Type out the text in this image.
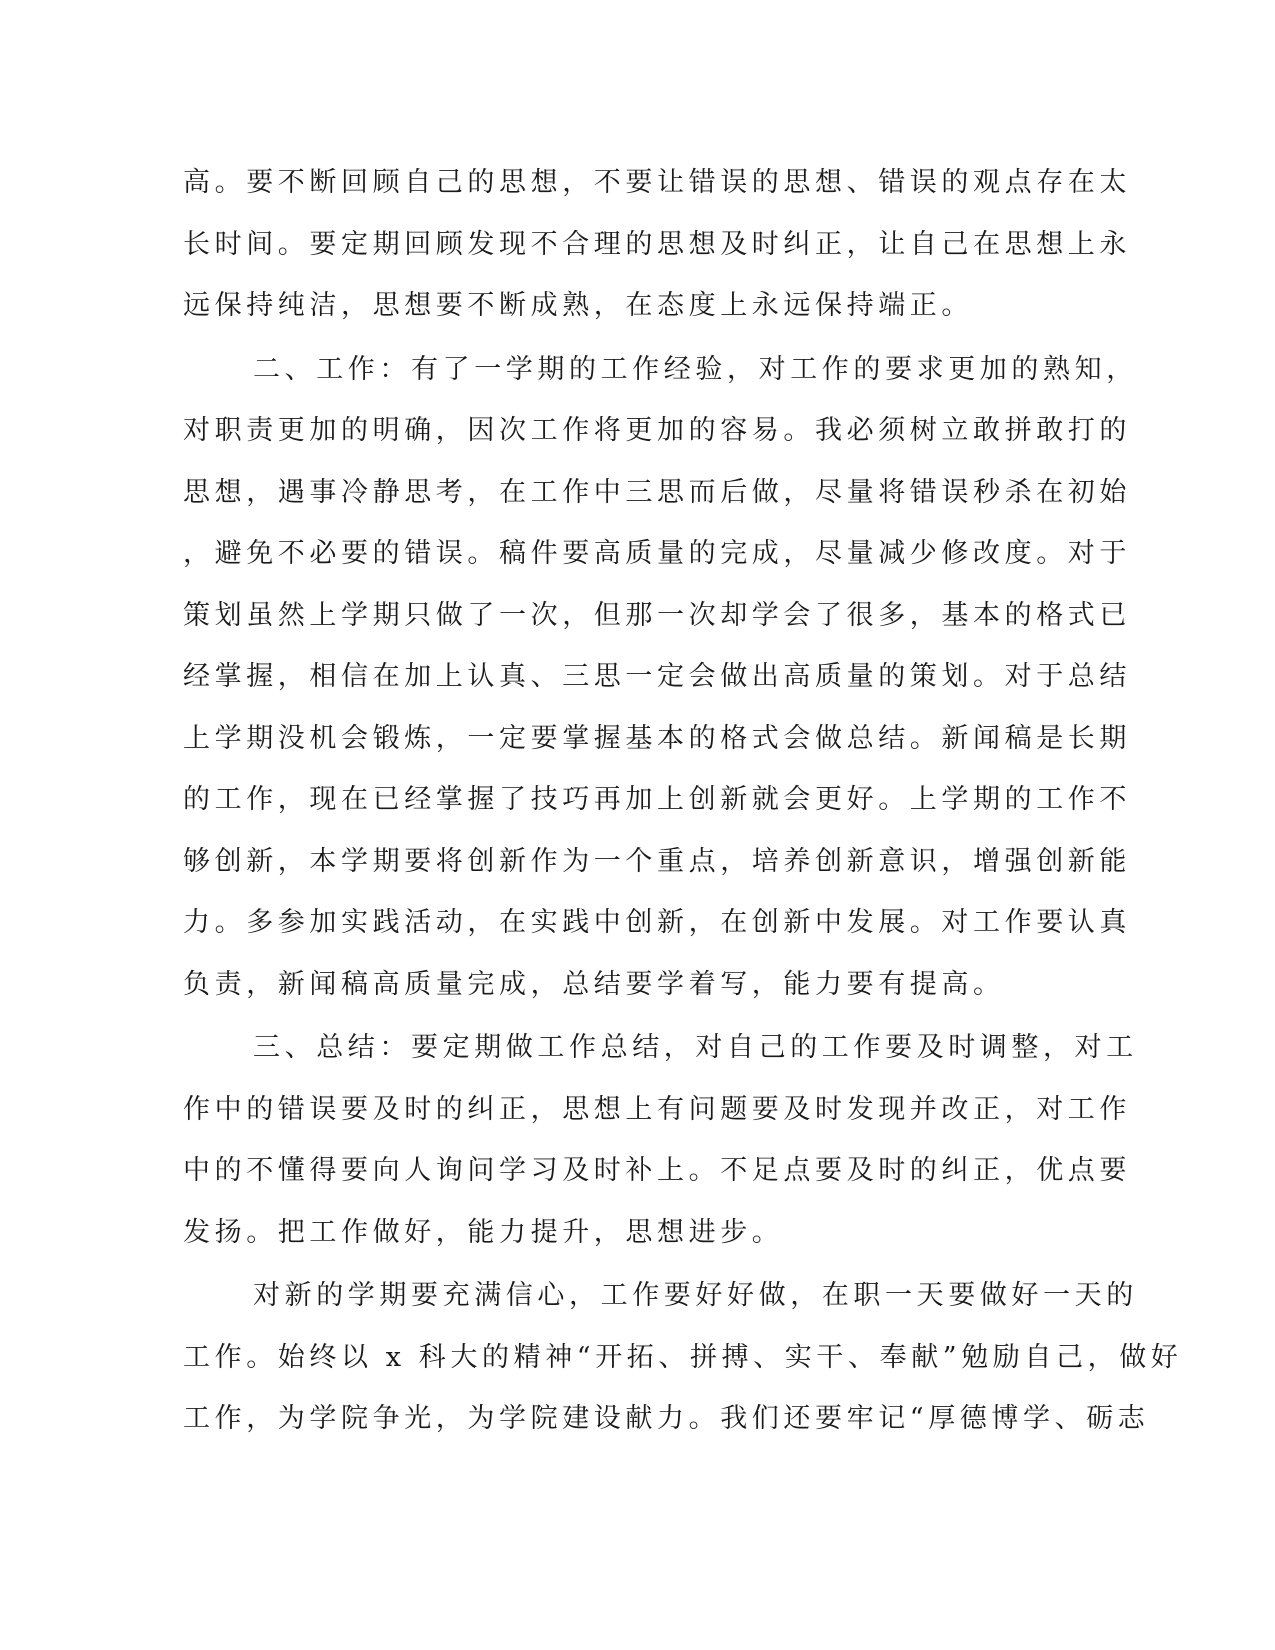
高。要不断回顾自己的思想，不要让错误的思想、错误的观点存在太
长时间。要定期回顾发现不合理的思想及时纠正，让自己在思想上永
远保持纯洁，思想要不断成熟，在态度上永远保持端正。
二、工作：有了一学期的工作经验，对工作的要求更加的熟知，
对职责更加的明确，因次工作将更加的容易。我必须树立敢拼敢打的
思想，遇事冷静思考，在工作中三思而后做，尽量将错误秒杀在初始
，避免不必要的错误。稿件要高质量的完成，尽量减少修改度。对于
策划虽然上学期只做了一次，但那一次却学会了很多，基本的格式已
经掌握，相信在加上认真、三思一定会做出高质量的策划。对于总结
上学期没机会锻炼，一定要掌握基本的格式会做总结。新闻稿是长期
的工作，现在已经掌握了技巧再加上创新就会更好。上学期的工作不
够创新，本学期要将创新作为一个重点，培养创新意识，增强创新能
力。多参加实践活动，在实践中创新，在创新中发展。对工作要认真
负责，新闻稿高质量完成，总结要学着写，能力要有提高。
三、总结：要定期做工作总结，对自己的工作要及时调整，对工
作中的错误要及时的纠正，思想上有问题要及时发现并改正，对工作
中的不懂得要向人询问学习及时补上。不足点要及时的纠正，优点要
发扬。把工作做好，能力提升，思想进步。
对新的学期要充满信心，工作要好好做，在职一天要做好一天的
工作。始终以 x 科大的精神“开拓、拼搏、实干、奉献”勉励自己，做好
工作，为学院争光，为学院建设献力。我们还要牢记“厚德博学、砺志
